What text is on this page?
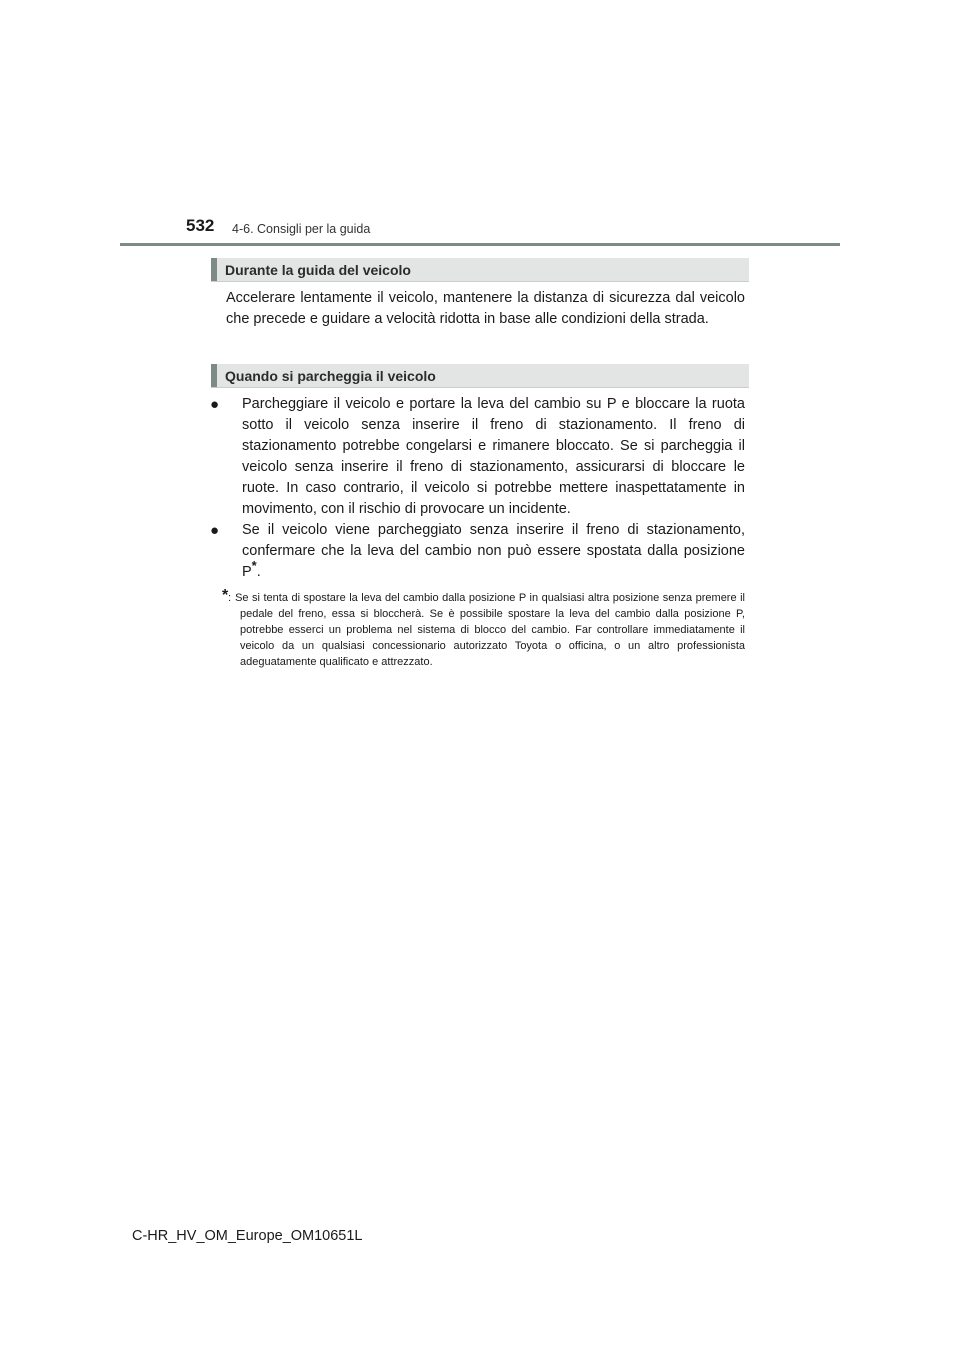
532 4-6. Consigli per la guida
Durante la guida del veicolo

Accelerare lentamente il veicolo, mantenere la distanza di sicurezza dal veicolo che precede e guidare a velocità ridotta in base alle condizioni della strada.

Quando si parcheggia il veicolo
● Parcheggiare il veicolo e portare la leva del cambio su P e bloccare la ruota sotto il veicolo senza inserire il freno di stazionamento. Il freno di stazionamento potrebbe congelarsi e rimanere bloccato. Se si parcheggia il veicolo senza inserire il freno di stazionamento, assicurarsi di bloccare le ruote. In caso contrario, il veicolo si potrebbe mettere inaspettatamente in movimento, con il rischio di provocare un incidente.

● Se il veicolo viene parcheggiato senza inserire il freno di stazionamento, confermare che la leva del cambio non può essere spostata dalla posizione P*.

* : Se si tenta di spostare la leva del cambio dalla posizione P in qualsiasi altra posizione senza premere il pedale del freno, essa si bloccherà. Se è possibile spostare la leva del cambio dalla posizione P, potrebbe esserci un problema nel sistema di blocco del cambio. Far controllare immediatamente il veicolo da un qualsiasi concessionario autorizzato Toyota o officina, o un altro professionista adeguatamente qualificato e attrezzato.

C-HR_HV_OM_Europe_OM10651L
